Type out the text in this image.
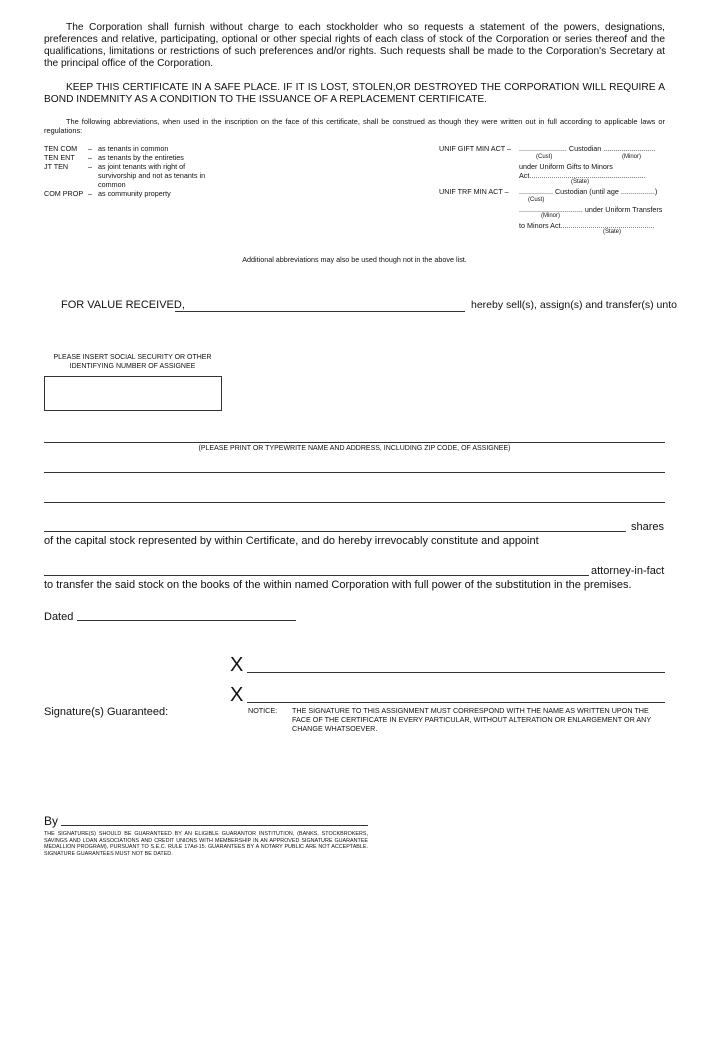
The Corporation shall furnish without charge to each stockholder who so requests a statement of the powers, designations, preferences and relative, participating, optional or other special rights of each class of stock of the Corporation or series thereof and the qualifications, limitations or restrictions of such preferences and/or rights. Such requests shall be made to the Corporation's Secretary at the principal office of the Corporation.
KEEP THIS CERTIFICATE IN A SAFE PLACE. IF IT IS LOST, STOLEN,OR DESTROYED THE CORPORATION WILL REQUIRE A BOND INDEMNITY AS A CONDITION TO THE ISSUANCE OF A REPLACEMENT CERTIFICATE.
The following abbreviations, when used in the inscription on the face of this certificate, shall be construed as though they were written out in full according to applicable laws or regulations:
TEN COM	– as tenants in common
TEN ENT	– as tenants by the entireties
JT TEN	– as joint tenants with right of survivorship and not as tenants in common
COM PROP – as community property
UNIF GIFT MIN ACT – ........................ Custodian ..........................
(Cust)	(Minor)
under Uniform Gifts to Minors
Act..........................................................
(State)
UNIF TRF MIN ACT – ................. Custodian (until age .................)
(Cust)
................................ under Uniform Transfers
(Minor)
to Minors Act...............................................
(State)
Additional abbreviations may also be used though not in the above list.
FOR VALUE RECEIVED,	hereby sell(s), assign(s) and transfer(s) unto
PLEASE INSERT SOCIAL SECURITY OR OTHER IDENTIFYING NUMBER OF ASSIGNEE
(PLEASE PRINT OR TYPEWRITE NAME AND ADDRESS, INCLUDING ZIP CODE, OF ASSIGNEE)
shares
of the capital stock represented by within Certificate, and do hereby irrevocably constitute and appoint
attorney-in-fact
to transfer the said stock on the books of the within named Corporation with full power of the substitution in the premises.
Dated
X
X
Signature(s) Guaranteed:	NOTICE: THE SIGNATURE TO THIS ASSIGNMENT MUST CORRESPOND WITH THE NAME AS WRITTEN UPON THE FACE OF THE CERTIFICATE IN EVERY PARTICULAR, WITHOUT ALTERATION OR ENLARGEMENT OR ANY CHANGE WHATSOEVER.
By
THE SIGNATURE(S) SHOULD BE GUARANTEED BY AN ELIGIBLE GUARANTOR INSTITUTION, (BANKS, STOCKBROKERS, SAVINGS AND LOAN ASSOCIATIONS AND CREDIT UNIONS WITH MEMBERSHIP IN AN APPROVED SIGNATURE GUARANTEE MEDALLION PROGRAM), PURSUANT TO S.E.C. RULE 17Ad-15. GUARANTEES BY A NOTARY PUBLIC ARE NOT ACCEPTABLE. SIGNATURE GUARANTEES MUST NOT BE DATED.
